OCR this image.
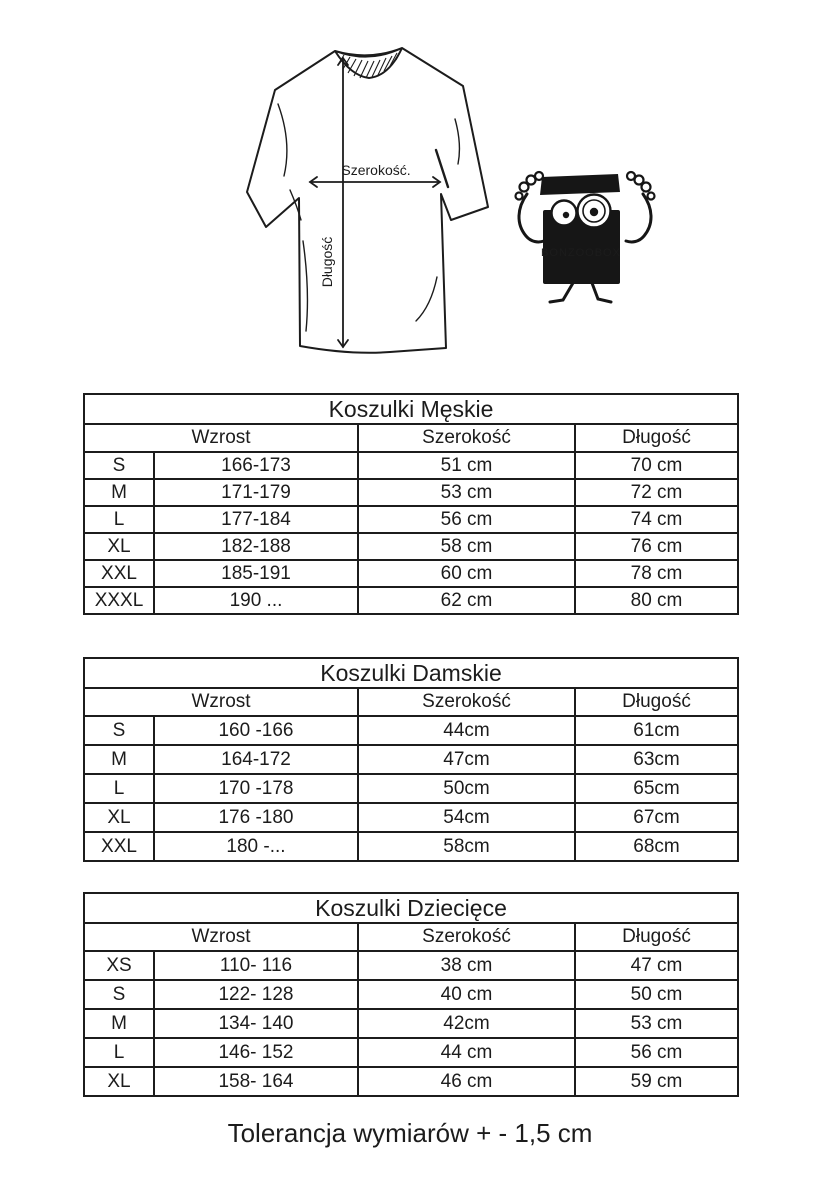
Szerokość.
Długość	BONZOOBOX
Koszulki Męskie			
Wzrost		Szerokość	Długość
S	166-173	51 cm	70 cm
M	171-179	53 cm	72 cm
L	177-184	56 cm	74 cm
XL	182-188	58 cm	76 cm
XXL	185-191	60 cm	78 cm
XXXL	190 ...	62 cm	80 cm
Koszulki Damskie			
Wzrost		Szerokość	Długość
S	160 -166	44cm	61cm
M	164-172	47cm	63cm
L	170 -178	50cm	65cm
XL	176 -180	54cm	67cm
XXL	180 -...	58cm	68cm
Koszulki Dziecięce			
Wzrost		Szerokość	Długość
XS	110- 116	38 cm	47 cm
S	122- 128	40 cm	50 cm
M	134- 140	42cm	53 cm
L	146- 152	44 cm	56 cm
XL	158- 164	46 cm	59 cm
Tolerancja wymiarów + - 1,5 cm
